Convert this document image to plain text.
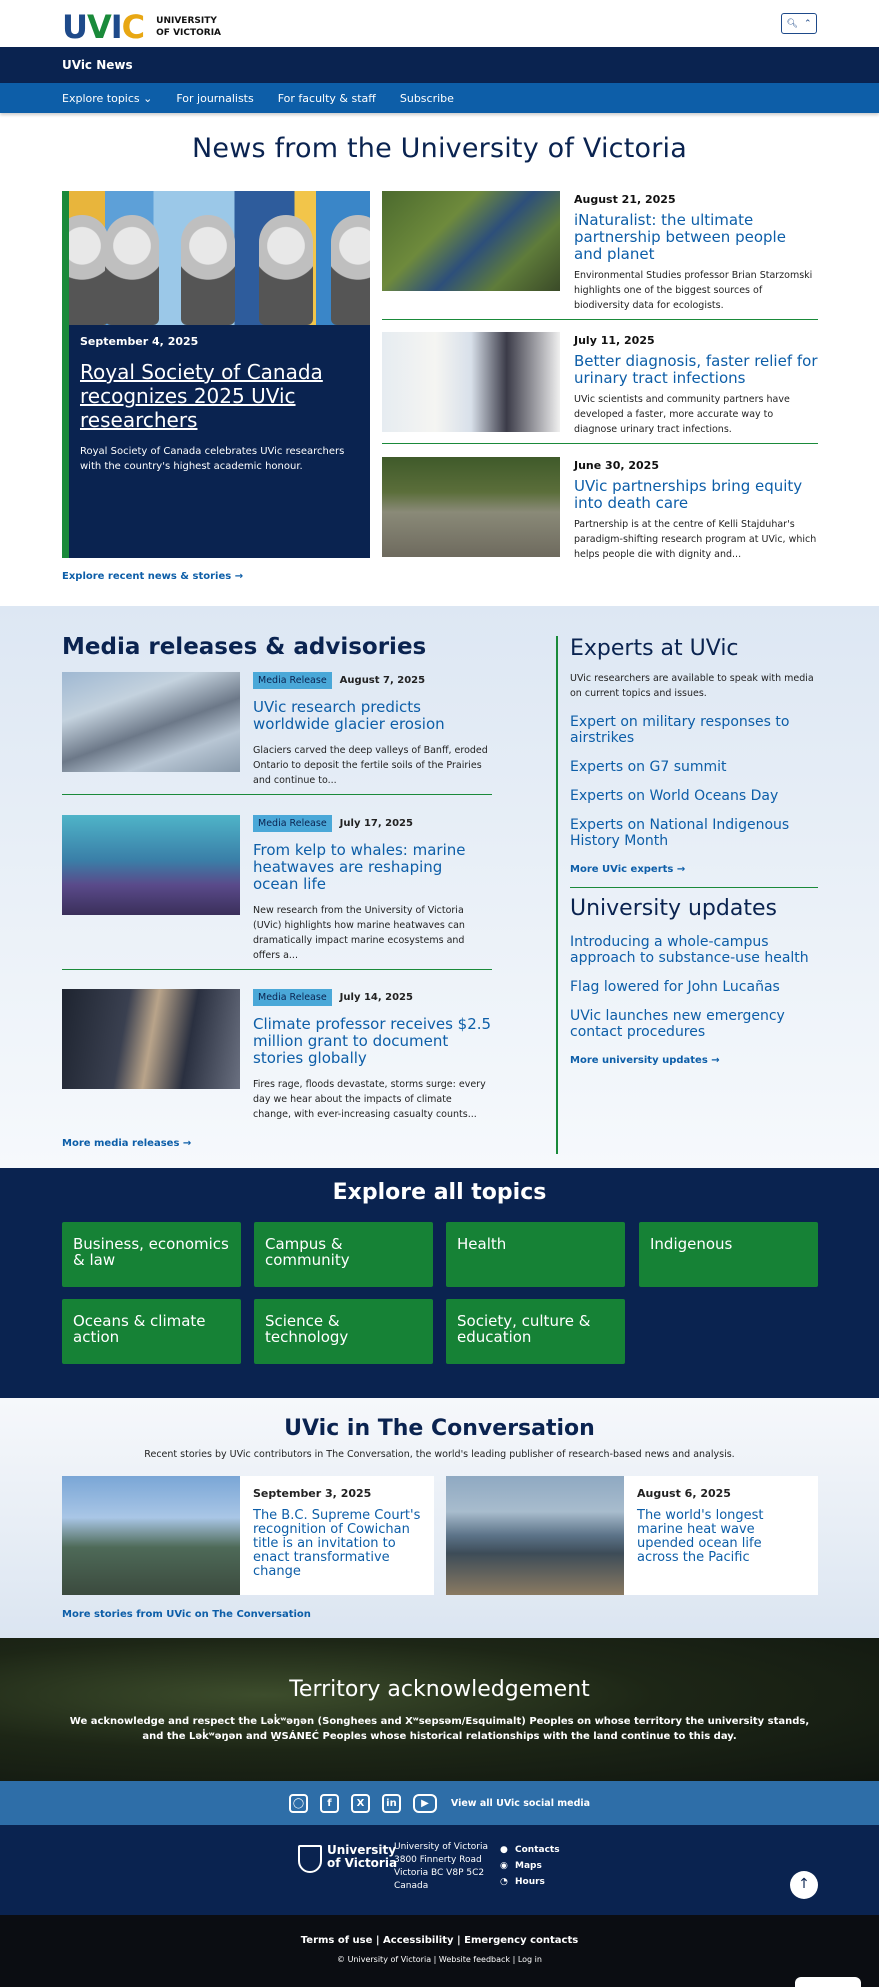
UVIC UNIVERSITY
OF VICTORIA
🔍︎ ⌃
UVic News
Explore topics ⌄ For journalists For faculty & staff Subscribe
News from the University of Victoria
September 4, 2025
Royal Society of Canada recognizes 2025 UVic researchers
Royal Society of Canada celebrates UVic researchers with the country's highest academic honour.
August 21, 2025
iNaturalist: the ultimate partnership between people and planet
Environmental Studies professor Brian Starzomski highlights one of the biggest sources of biodiversity data for ecologists.
July 11, 2025
Better diagnosis, faster relief for urinary tract infections
UVic scientists and community partners have developed a faster, more accurate way to diagnose urinary tract infections.
June 30, 2025
UVic partnerships bring equity into death care
Partnership is at the centre of Kelli Stajduhar's paradigm-shifting research program at UVic, which helps people die with dignity and...
Explore recent news & stories →
Media releases & advisories
Media Release	August 7, 2025
UVic research predicts worldwide glacier erosion
Glaciers carved the deep valleys of Banff, eroded Ontario to deposit the fertile soils of the Prairies and continue to...
Media Release	July 17, 2025
From kelp to whales: marine heatwaves are reshaping ocean life
New research from the University of Victoria (UVic) highlights how marine heatwaves can dramatically impact marine ecosystems and offers a...
Media Release	July 14, 2025
Climate professor receives $2.5 million grant to document stories globally
Fires rage, floods devastate, storms surge: every day we hear about the impacts of climate change, with ever-increasing casualty counts...
More media releases →
Experts at UVic
UVic researchers are available to speak with media on current topics and issues.
Expert on military responses to airstrikes
Experts on G7 summit
Experts on World Oceans Day
Experts on National Indigenous History Month
More UVic experts →
University updates
Introducing a whole-campus approach to substance-use health
Flag lowered for John Lucañas
UVic launches new emergency contact procedures
More university updates →
Explore all topics
Business, economics & law
Campus & community
Health	Indigenous
Oceans & climate action
Science & technology
Society, culture & education
UVic in The Conversation
Recent stories by UVic contributors in The Conversation, the world's leading publisher of research-based news and analysis.
September 3, 2025
The B.C. Supreme Court's recognition of Cowichan title is an invitation to enact transformative change
August 6, 2025
The world's longest marine heat wave upended ocean life across the Pacific
More stories from UVic on The Conversation
Territory acknowledgement

We acknowledge and respect the Lək̓ʷəŋən (Songhees and Xʷsepsəm/Esquimalt) Peoples on whose territory the university stands, and the Lək̓ʷəŋən and W̱SÁNEĆ Peoples whose historical relationships with the land continue to this day.

◯	f	X	in	▶	View all UVic social media
University
of Victoria
University of Victoria
3800 Finnerty Road
Victoria BC V8P 5C2
Canada
● Contacts
◉ Maps
◔ Hours	↑
Terms of use | Accessibility | Emergency contacts
© University of Victoria | Website feedback | Log in
